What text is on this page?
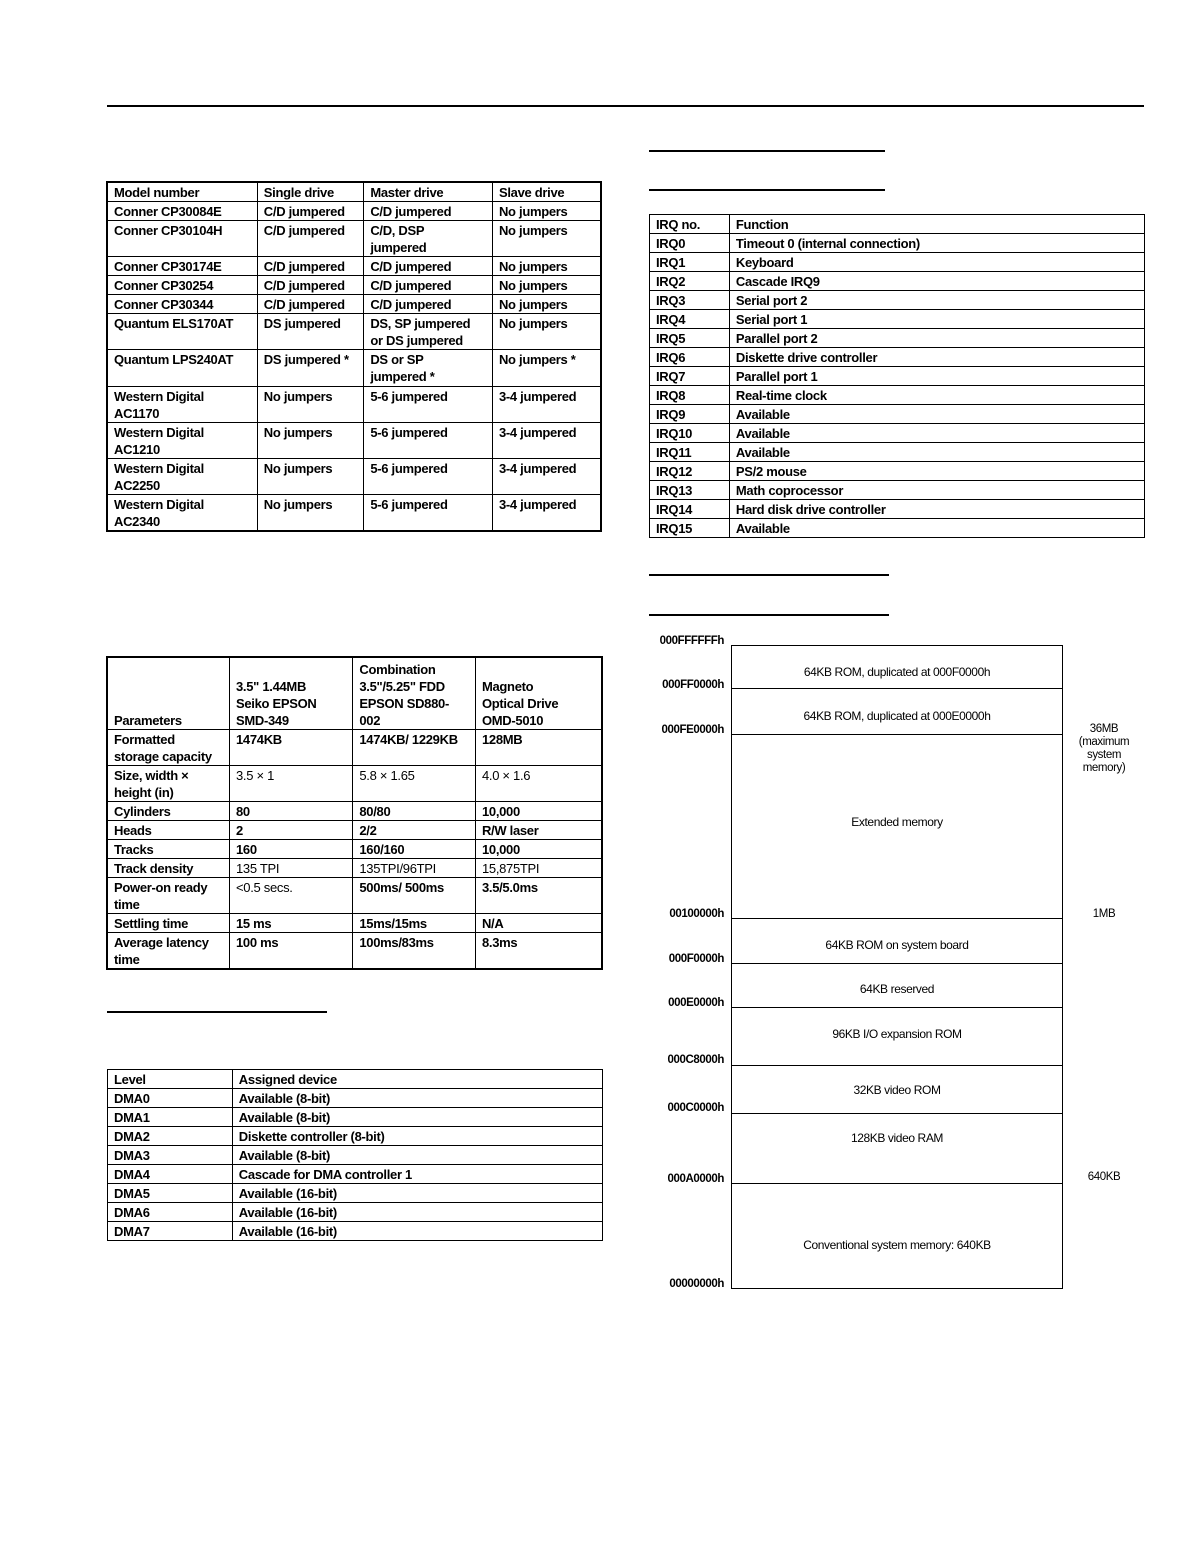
Model number	Single drive	Master drive	Slave drive
Conner CP30084E	C/D jumpered	C/D jumpered	No jumpers
Conner CP30104H	C/D jumpered	C/D, DSP jumpered	No jumpers
Conner CP30174E	C/D jumpered	C/D jumpered	No jumpers
Conner CP30254	C/D jumpered	C/D jumpered	No jumpers
Conner CP30344	C/D jumpered	C/D jumpered	No jumpers
Quantum ELS170AT	DS jumpered	DS, SP jumpered or DS jumpered	No jumpers
Quantum LPS240AT	DS jumpered *	DS or SP jumpered *	No jumpers *
Western Digital AC1170	No jumpers	5-6 jumpered	3-4 jumpered
Western Digital AC1210	No jumpers	5-6 jumpered	3-4 jumpered
Western Digital AC2250	No jumpers	5-6 jumpered	3-4 jumpered
Western Digital AC2340	No jumpers	5-6 jumpered	3-4 jumpered
Parameters	3.5" 1.44MB Seiko EPSON SMD-349	Combination 3.5"/5.25" FDD EPSON SD880-002	Magneto Optical Drive OMD-5010
Formatted storage capacity	1474KB	1474KB/ 1229KB	128MB
Size, width × height (in)	3.5 × 1	5.8 × 1.65	4.0 × 1.6
Cylinders	80	80/80	10,000
Heads	2	2/2	R/W laser
Tracks	160	160/160	10,000
Track density	135 TPI	135TPI/96TPI	15,875TPI
Power-on ready time	<0.5 secs.	500ms/ 500ms	3.5/5.0ms
Settling time	15 ms	15ms/15ms	N/A
Average latency time	100 ms	100ms/83ms	8.3ms
Level	Assigned device
DMA0	Available (8-bit)
DMA1	Available (8-bit)
DMA2	Diskette controller (8-bit)
DMA3	Available (8-bit)
DMA4	Cascade for DMA controller 1
DMA5	Available (16-bit)
DMA6	Available (16-bit)
DMA7	Available (16-bit)
IRQ no.	Function
IRQ0	Timeout 0 (internal connection)
IRQ1	Keyboard
IRQ2	Cascade IRQ9
IRQ3	Serial port 2
IRQ4	Serial port 1
IRQ5	Parallel port 2
IRQ6	Diskette drive controller
IRQ7	Parallel port 1
IRQ8	Real-time clock
IRQ9	Available
IRQ10	Available
IRQ11	Available
IRQ12	PS/2 mouse
IRQ13	Math coprocessor
IRQ14	Hard disk drive controller
IRQ15	Available
64KB ROM, duplicated at 000F0000h
64KB ROM, duplicated at 000E0000h
Extended memory
64KB ROM on system board
64KB reserved
96KB I/O expansion ROM
32KB video ROM
128KB video RAM
Conventional system memory: 640KB
000FFFFFFh
000FF0000h
000FE0000h
00100000h
000F0000h
000E0000h
000C8000h
000C0000h
000A0000h
00000000h
36MB (maximum system memory)
1MB
640KB
